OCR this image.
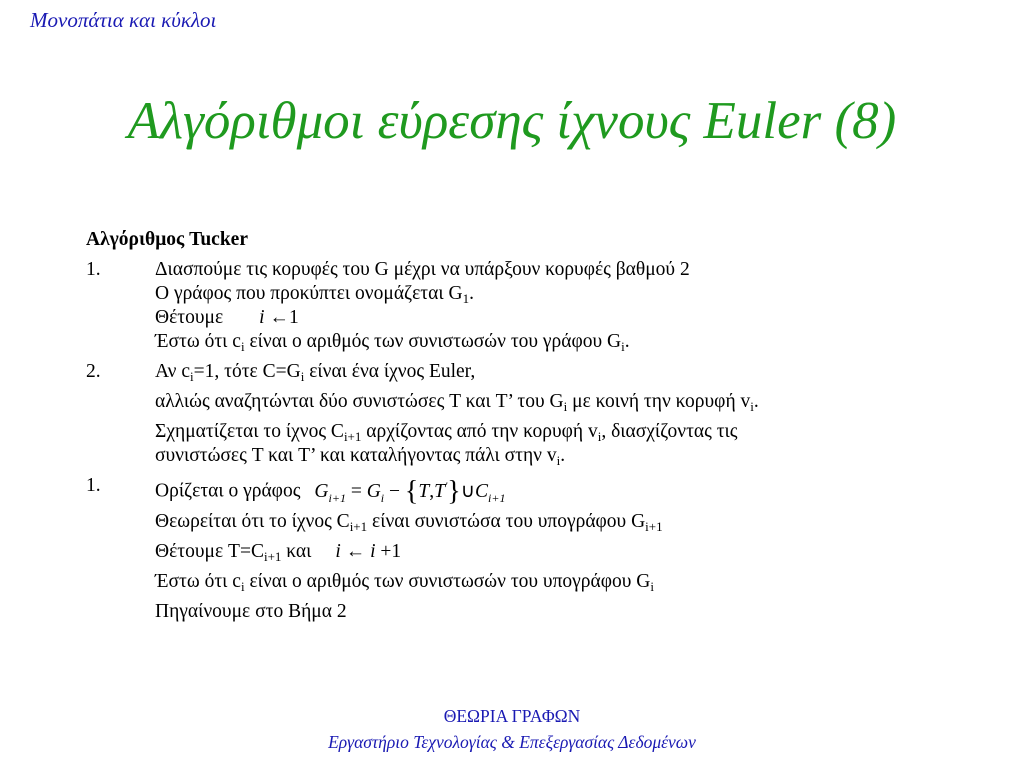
Μονοπάτια και κύκλοι
Αλγόριθμοι εύρεσης ίχνους Euler (8)
Αλγόριθμος Tucker
1.	Διασπούμε τις κορυφές του G μέχρι να υπάρξουν κορυφές βαθμού 2
Ο γράφος που προκύπτει ονομάζεται $G_1$.
Θέτουμε i ←1
Έστω ότι $c_i$ είναι ο αριθμός των συνιστωσών του γράφου $G_i$.
2.	Αν $c_i=1$, τότε $C=G_i$ είναι ένα ίχνος Euler,
αλλιώς αναζητώνται δύο συνιστώσες T και T’ του $G_i$ με κοινή την κορυφή $v_i$.
Σχηματίζεται το ίχνος $C_{i+1}$ αρχίζοντας από την κορυφή $v_i$, διασχίζοντας τις
συνιστώσες T και T’ και καταλήγοντας πάλι στην $v_i$.
1.	Ορίζεται ο γράφος $G_{i+1} = G_i$ − $\{T,T'\}\cup C_{i+1}$
Θεωρείται ότι το ίχνος $C_{i+1}$ είναι συνιστώσα του υπογράφου $G_{i+1}$
Θέτουμε $T=C_{i+1}$ και i ← i +1
Έστω ότι $c_i$ είναι ο αριθμός των συνιστωσών του υπογράφου $G_i$
Πηγαίνουμε στο Βήμα 2
ΘΕΩΡΙΑ ΓΡΑΦΩΝ
Εργαστήριο Τεχνολογίας & Επεξεργασίας Δεδομένων
